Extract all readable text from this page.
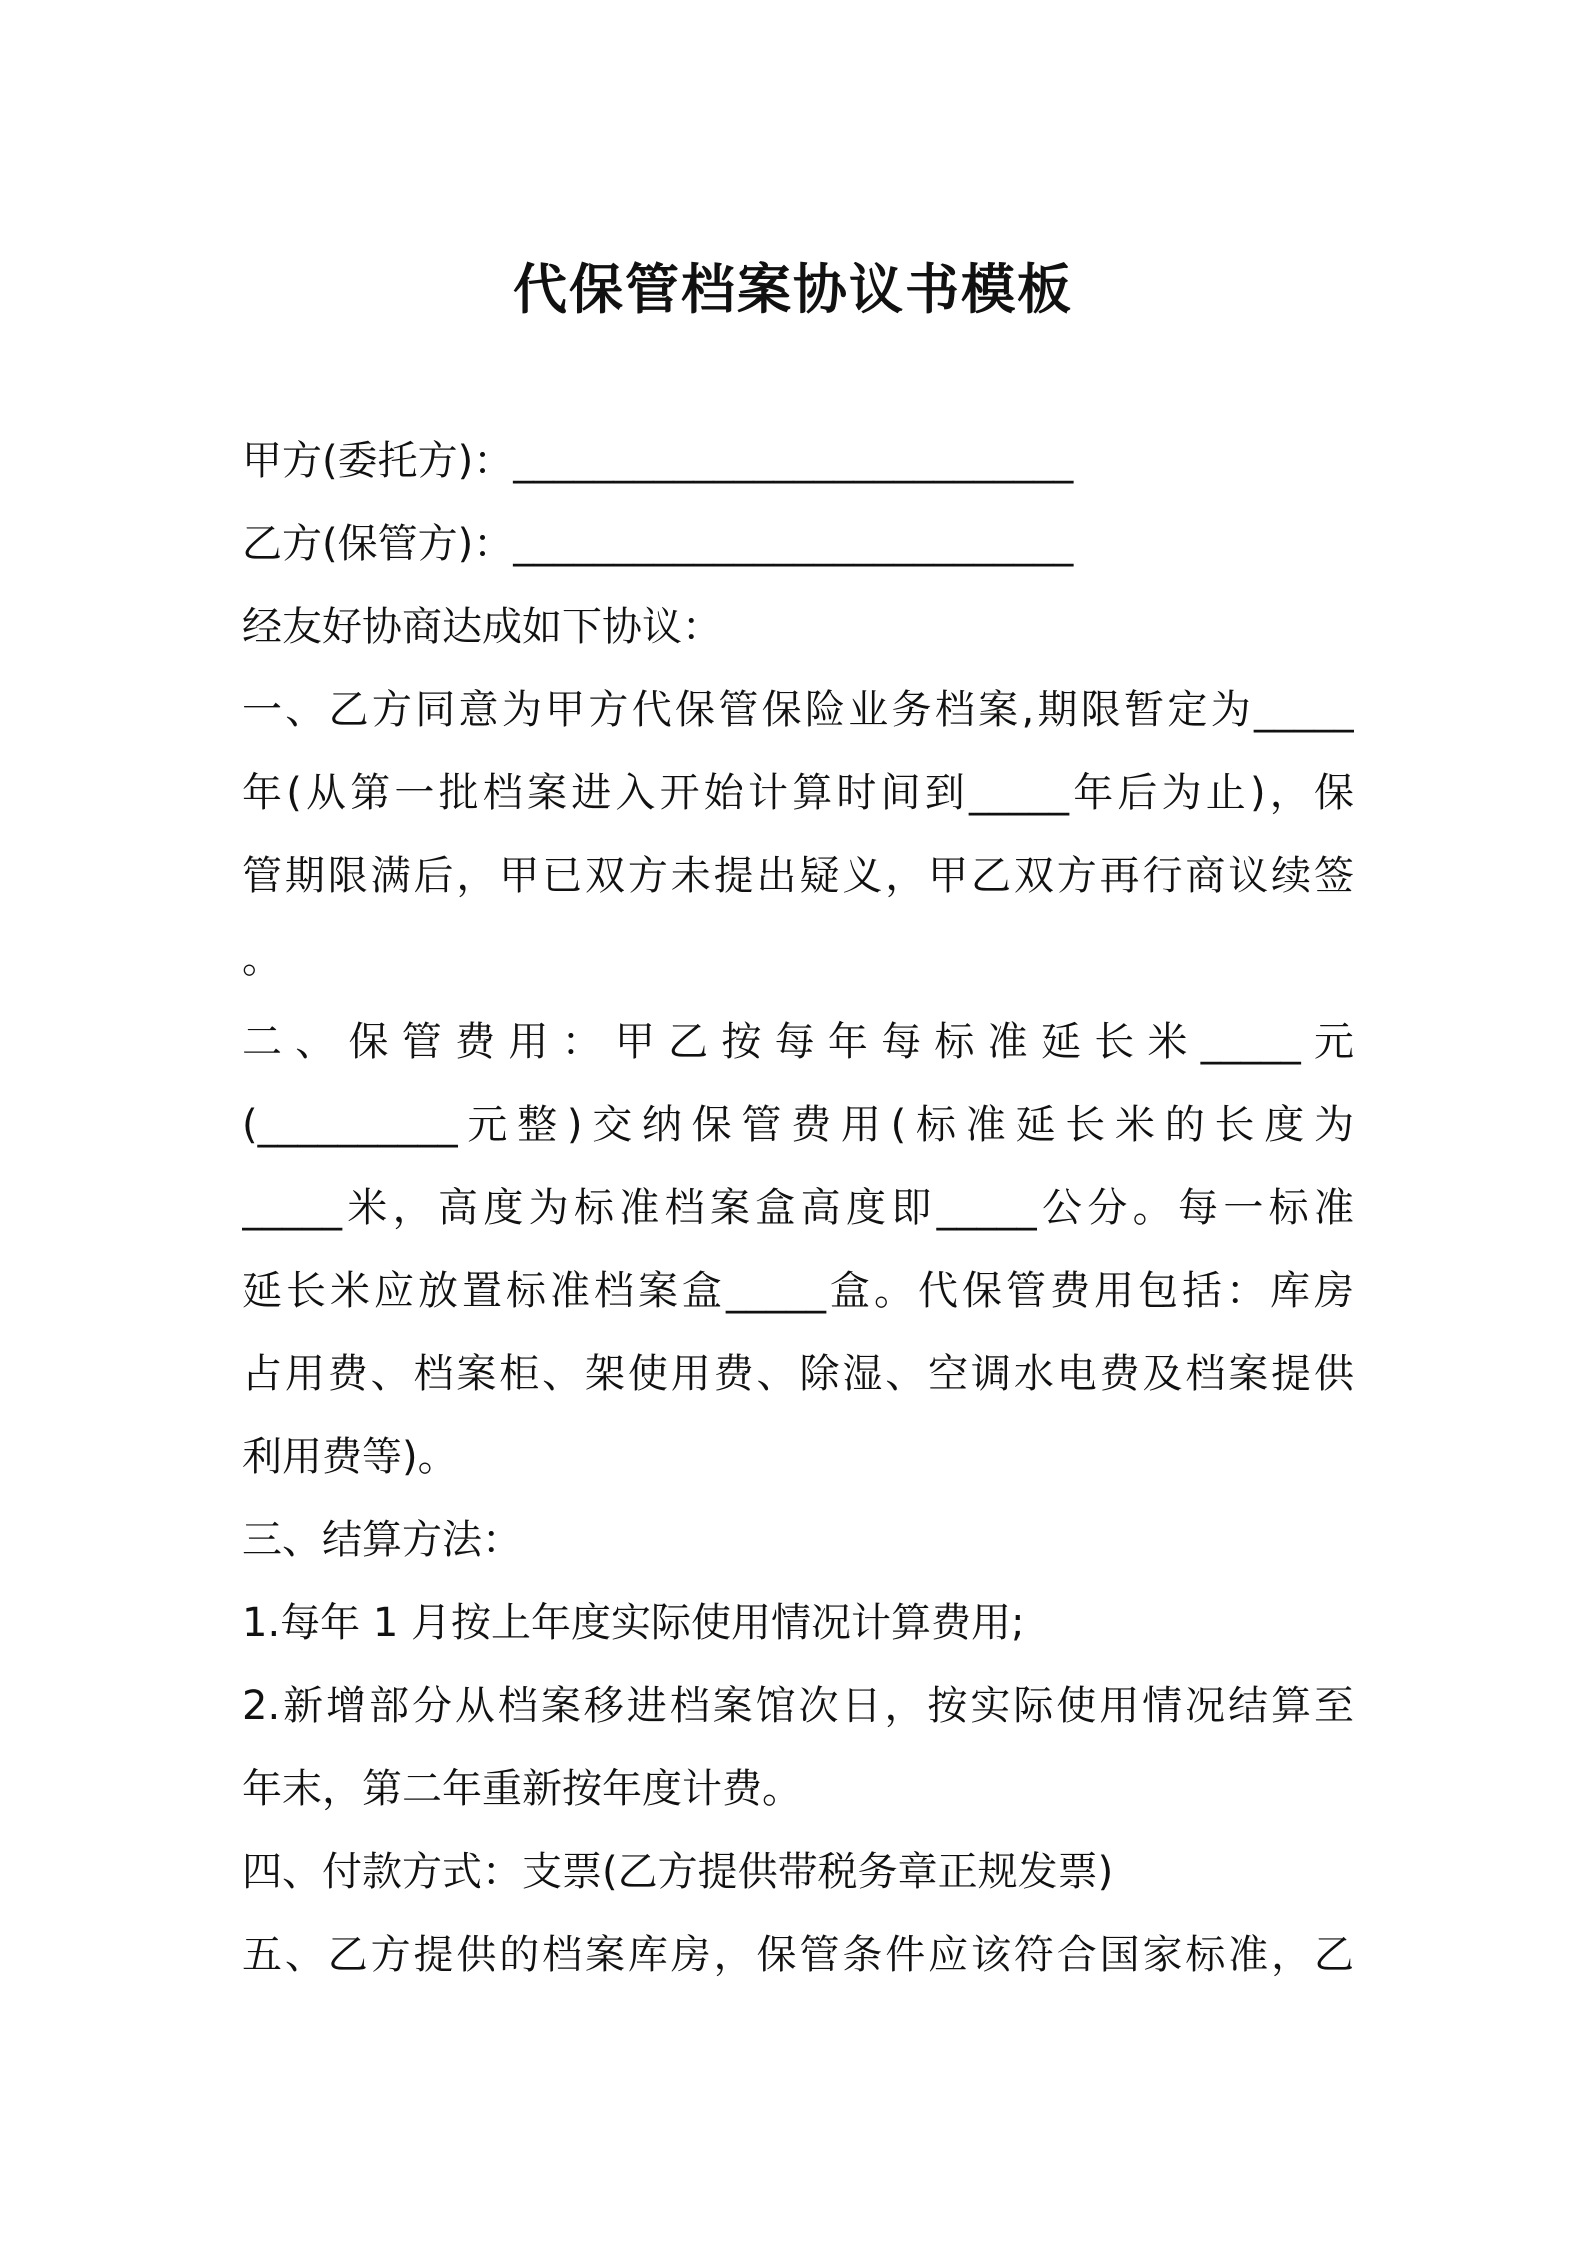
代保管档案协议书模板
甲方(委托方)：____________________________
乙方(保管方)：____________________________
经友好协商达成如下协议：
一、乙方同意为甲方代保管保险业务档案,期限暂定为_____
年(从第一批档案进入开始计算时间到_____年后为止)，保
管期限满后，甲已双方未提出疑义，甲乙双方再行商议续签
。
二、保管费用：甲乙按每年每标准延长米_____元
(__________元整)交纳保管费用(标准延长米的长度为
_____米，高度为标准档案盒高度即_____公分。每一标准
延长米应放置标准档案盒_____盒。代保管费用包括：库房
占用费、档案柜、架使用费、除湿、空调水电费及档案提供
利用费等)。
三、结算方法：
1.每年 1 月按上年度实际使用情况计算费用;
2.新增部分从档案移进档案馆次日，按实际使用情况结算至
年末，第二年重新按年度计费。
四、付款方式：支票(乙方提供带税务章正规发票)
五、乙方提供的档案库房，保管条件应该符合国家标准，乙
